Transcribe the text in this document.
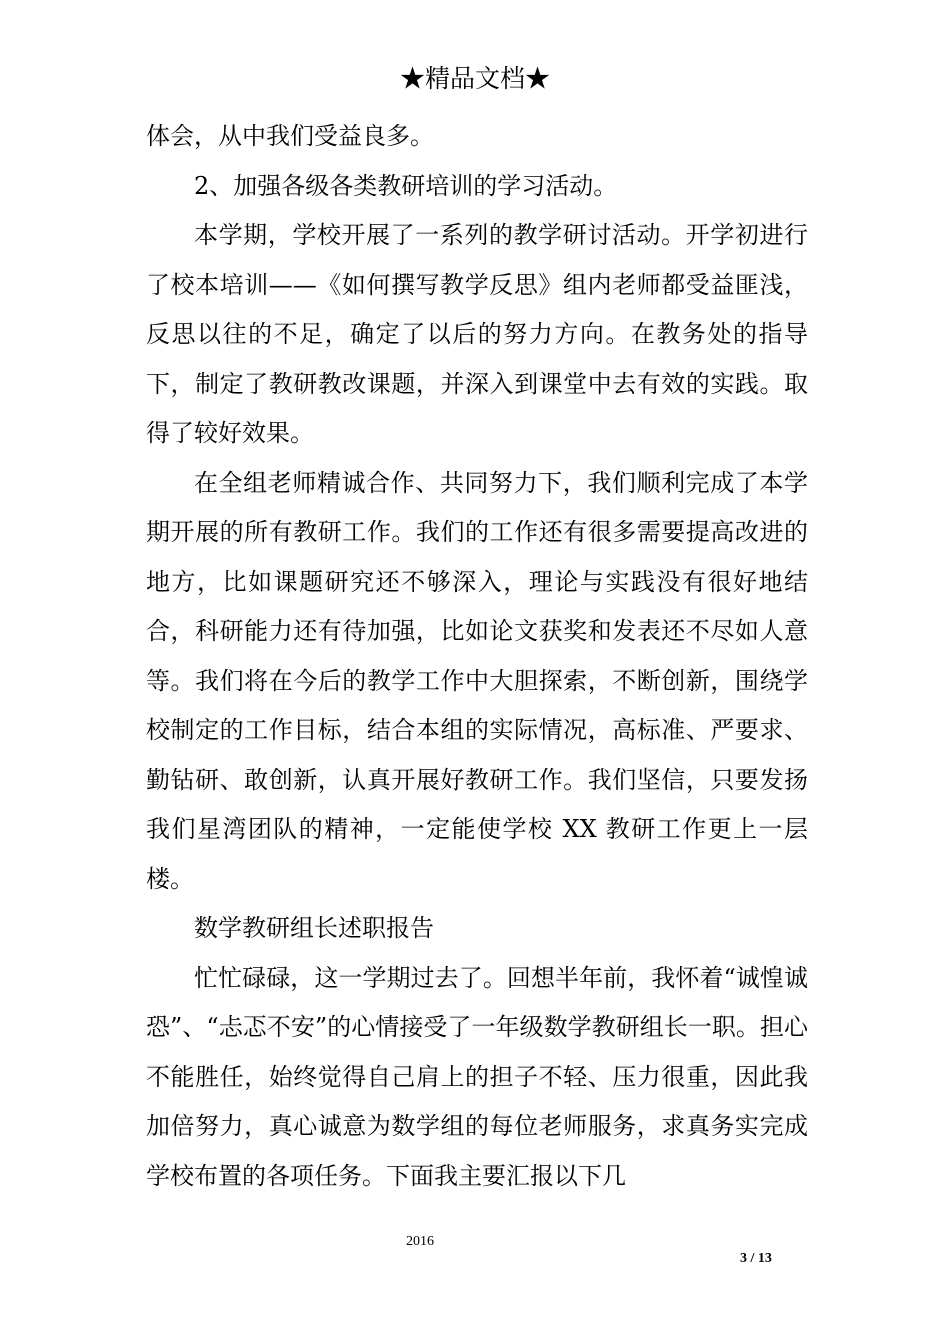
★精品文档★

体会，从中我们受益良多。

2、加强各级各类教研培训的学习活动。

本学期，学校开展了一系列的教学研讨活动。开学初进行了校本培训——《如何撰写教学反思》组内老师都受益匪浅，反思以往的不足，确定了以后的努力方向。在教务处的指导下，制定了教研教改课题，并深入到课堂中去有效的实践。取得了较好效果。

在全组老师精诚合作、共同努力下，我们顺利完成了本学期开展的所有教研工作。我们的工作还有很多需要提高改进的地方，比如课题研究还不够深入，理论与实践没有很好地结合，科研能力还有待加强，比如论文获奖和发表还不尽如人意等。我们将在今后的教学工作中大胆探索，不断创新，围绕学校制定的工作目标，结合本组的实际情况，高标准、严要求、勤钻研、敢创新，认真开展好教研工作。我们坚信，只要发扬我们星湾团队的精神，一定能使学校 XX 教研工作更上一层楼。

数学教研组长述职报告

忙忙碌碌，这一学期过去了。回想半年前，我怀着“诚惶诚恐”、“忐忑不安”的心情接受了一年级数学教研组长一职。担心不能胜任，始终觉得自己肩上的担子不轻、压力很重，因此我加倍努力，真心诚意为数学组的每位老师服务，求真务实完成学校布置的各项任务。下面我主要汇报以下几

2016
3 / 13
